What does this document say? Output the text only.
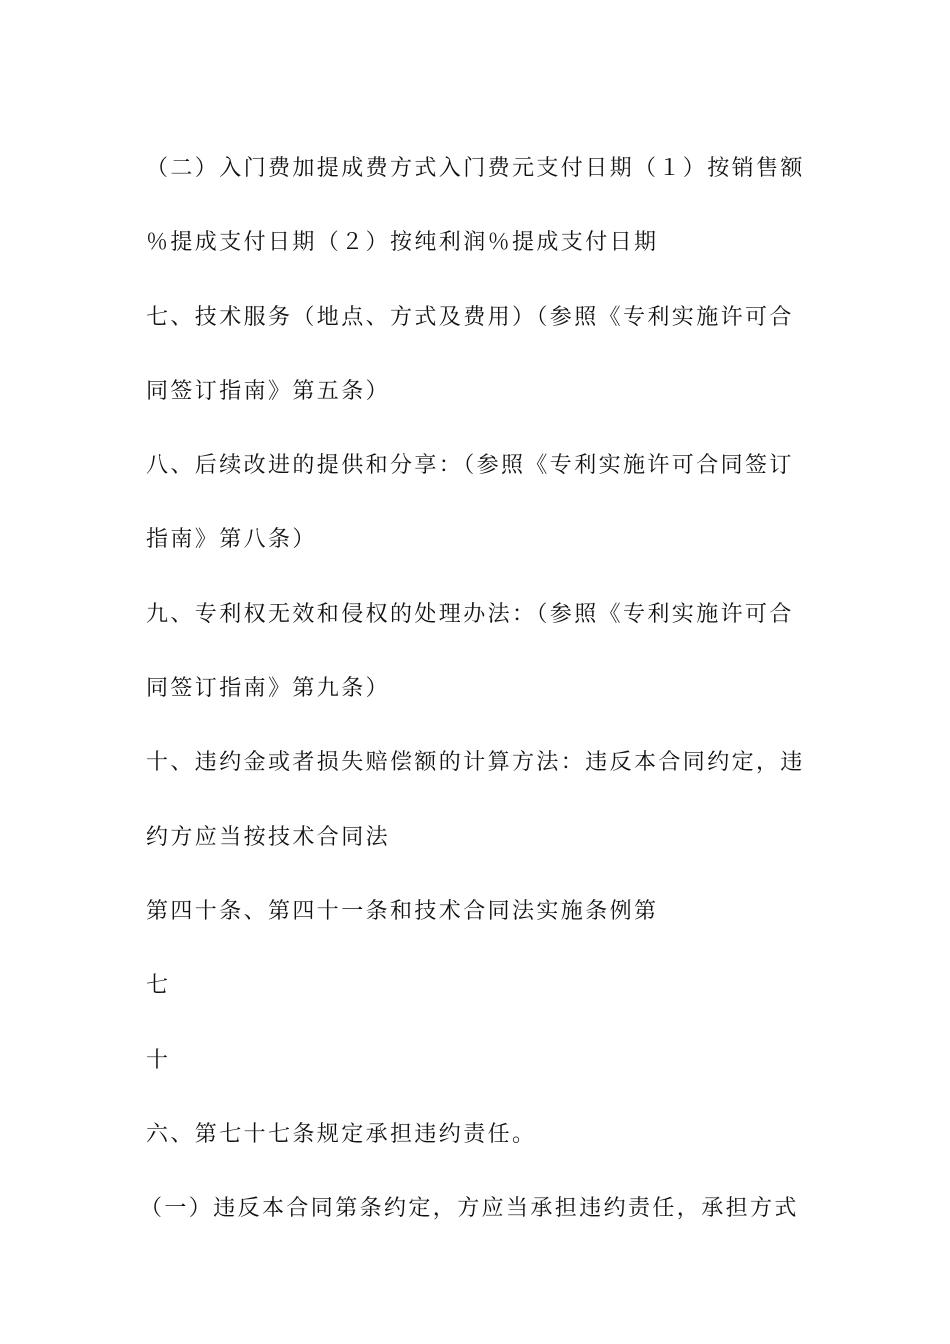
（二）入门费加提成费方式入门费元支付日期（１）按销售额
％提成支付日期（２）按纯利润％提成支付日期
七、技术服务（地点、方式及费用）（参照《专利实施许可合
同签订指南》第五条）
八、后续改进的提供和分享：（参照《专利实施许可合同签订
指南》第八条）
九、专利权无效和侵权的处理办法：（参照《专利实施许可合
同签订指南》第九条）
十、违约金或者损失赔偿额的计算方法：违反本合同约定，违
约方应当按技术合同法
第四十条、第四十一条和技术合同法实施条例第
七
十
六、第七十七条规定承担违约责任。
（一）违反本合同第条约定，方应当承担违约责任，承担方式
